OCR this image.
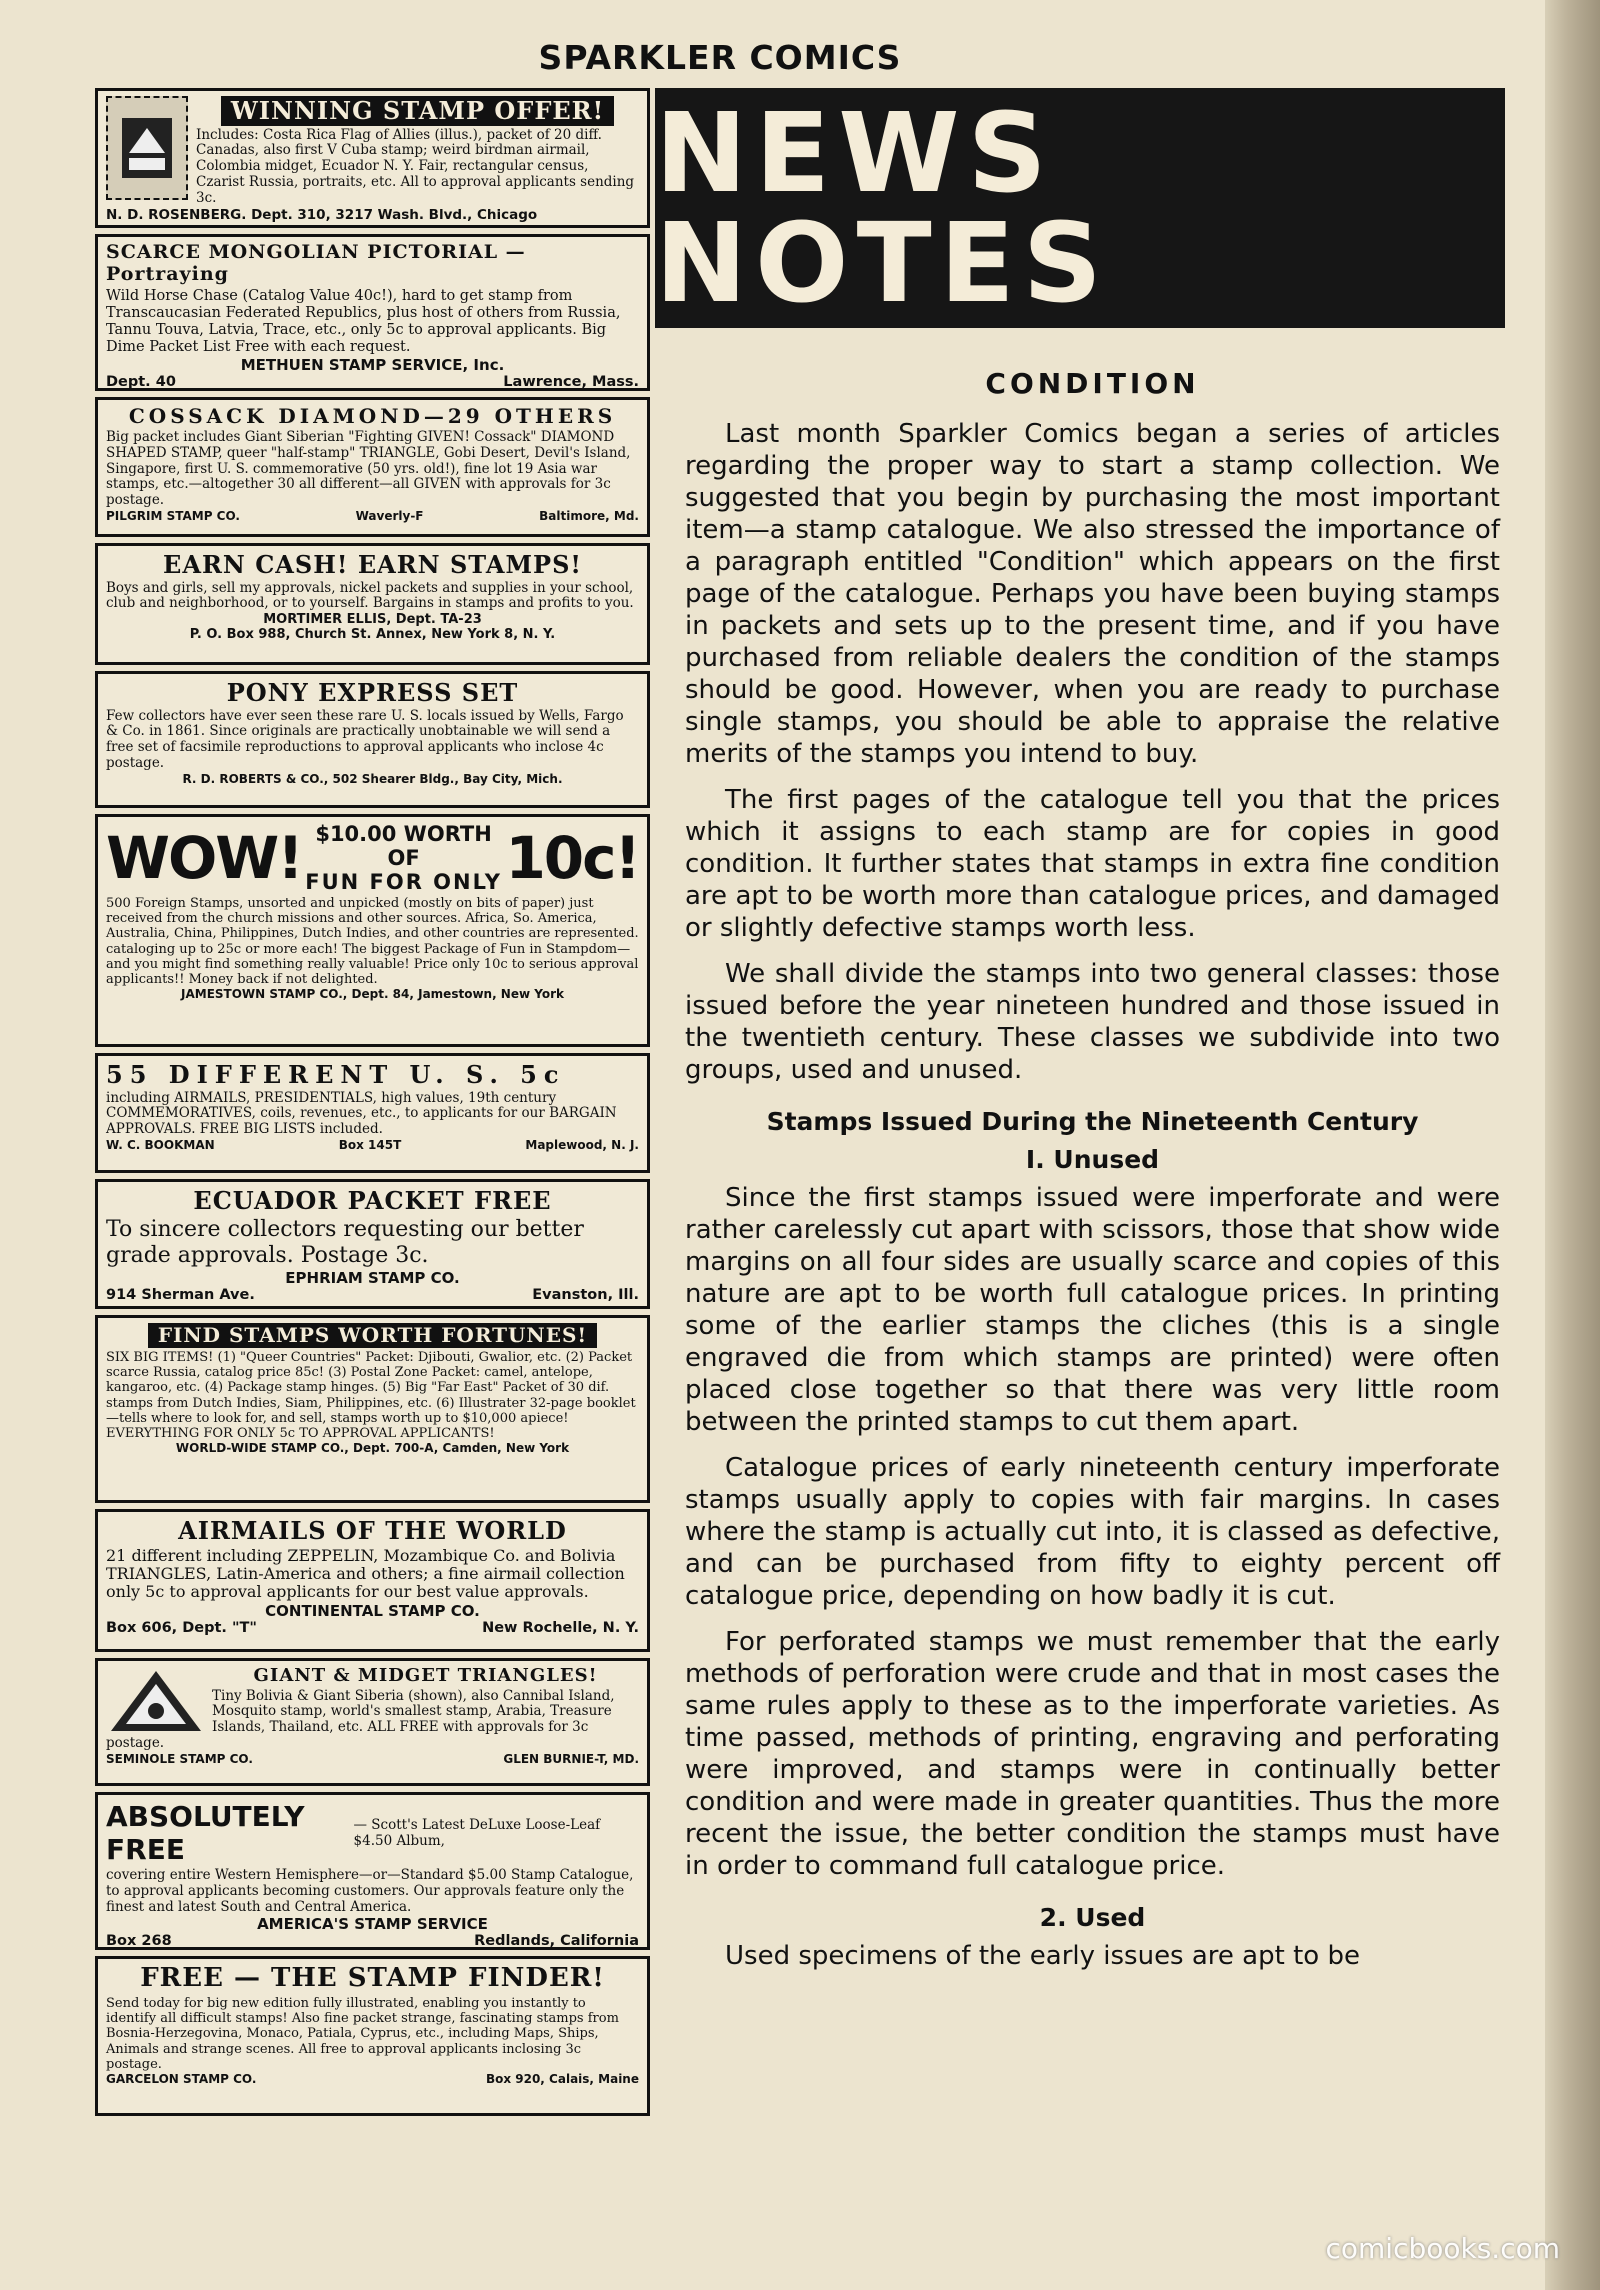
SPARKLER COMICS
WINNING STAMP OFFER!
Includes: Costa Rica Flag of Allies (illus.), packet of 20 diff. Canadas, also first V Cuba stamp; weird birdman airmail, Colombia midget, Ecuador N. Y. Fair, rectangular census, Czarist Russia, portraits, etc. All to approval applicants sending 3c.
N. D. ROSENBERG. Dept. 310, 3217 Wash. Blvd., Chicago
SCARCE MONGOLIAN PICTORIAL — Portraying
Wild Horse Chase (Catalog Value 40c!), hard to get stamp from Transcaucasian Federated Republics, plus host of others from Russia, Tannu Touva, Latvia, Trace, etc., only 5c to approval applicants. Big Dime Packet List Free with each request.
METHUEN STAMP SERVICE, Inc.
Dept. 40	Lawrence, Mass.
COSSACK DIAMOND—29 OTHERS
Big packet includes Giant Siberian "Fighting GIVEN! Cossack" DIAMOND SHAPED STAMP, queer "half-stamp" TRIANGLE, Gobi Desert, Devil's Island, Singapore, first U. S. commemorative (50 yrs. old!), fine lot 19 Asia war stamps, etc.—altogether 30 all different—all GIVEN with approvals for 3c postage.
PILGRIM STAMP CO.	Waverly-F	Baltimore, Md.
EARN CASH! EARN STAMPS!
Boys and girls, sell my approvals, nickel packets and supplies in your school, club and neighborhood, or to yourself. Bargains in stamps and profits to you.
MORTIMER ELLIS, Dept. TA-23
P. O. Box 988, Church St. Annex, New York 8, N. Y.
PONY EXPRESS SET
Few collectors have ever seen these rare U. S. locals issued by Wells, Fargo & Co. in 1861. Since originals are practically unobtainable we will send a free set of facsimile reproductions to approval applicants who inclose 4c postage.
R. D. ROBERTS & CO., 502 Shearer Bldg., Bay City, Mich.
WOW! $10.00 WORTH OF
FUN FOR ONLY 10c!
500 Foreign Stamps, unsorted and unpicked (mostly on bits of paper) just received from the church missions and other sources. Africa, So. America, Australia, China, Philippines, Dutch Indies, and other countries are represented. cataloging up to 25c or more each! The biggest Package of Fun in Stampdom—and you might find something really valuable! Price only 10c to serious approval applicants!! Money back if not delighted.
JAMESTOWN STAMP CO., Dept. 84, Jamestown, New York
55 DIFFERENT U. S. 5c
including AIRMAILS, PRESIDENTIALS, high values, 19th century COMMEMORATIVES, coils, revenues, etc., to applicants for our BARGAIN APPROVALS. FREE BIG LISTS included.
W. C. BOOKMAN	Box 145T	Maplewood, N. J.
ECUADOR PACKET FREE
To sincere collectors requesting our better grade approvals. Postage 3c.
EPHRIAM STAMP CO.
914 Sherman Ave.	Evanston, Ill.
FIND STAMPS WORTH FORTUNES!
SIX BIG ITEMS! (1) "Queer Countries" Packet: Djibouti, Gwalior, etc. (2) Packet scarce Russia, catalog price 85c! (3) Postal Zone Packet: camel, antelope, kangaroo, etc. (4) Package stamp hinges. (5) Big "Far East" Packet of 30 dif. stamps from Dutch Indies, Siam, Philippines, etc. (6) Illustrater 32-page booklet—tells where to look for, and sell, stamps worth up to $10,000 apiece! EVERYTHING FOR ONLY 5c TO APPROVAL APPLICANTS!
WORLD-WIDE STAMP CO., Dept. 700-A, Camden, New York
AIRMAILS OF THE WORLD
21 different including ZEPPELIN, Mozambique Co. and Bolivia TRIANGLES, Latin-America and others; a fine airmail collection only 5c to approval applicants for our best value approvals.
CONTINENTAL STAMP CO.
Box 606, Dept. "T"	New Rochelle, N. Y.
GIANT & MIDGET TRIANGLES!
Tiny Bolivia & Giant Siberia (shown), also Cannibal Island, Mosquito stamp, world's smallest stamp, Arabia, Treasure Islands, Thailand, etc. ALL FREE with approvals for 3c postage.
SEMINOLE STAMP CO.	GLEN BURNIE-T, MD.
ABSOLUTELY FREE
— Scott's Latest DeLuxe Loose-Leaf $4.50 Album,
covering entire Western Hemisphere—or—Standard $5.00 Stamp Catalogue, to approval applicants becoming customers. Our approvals feature only the finest and latest South and Central America.
AMERICA'S STAMP SERVICE
Box 268	Redlands, California
FREE — THE STAMP FINDER!
Send today for big new edition fully illustrated, enabling you instantly to identify all difficult stamps! Also fine packet strange, fascinating stamps from Bosnia-Herzegovina, Monaco, Patiala, Cyprus, etc., including Maps, Ships, Animals and strange scenes. All free to approval applicants inclosing 3c postage.
GARCELON STAMP CO.	Box 920, Calais, Maine
NEWS NOTES
CONDITION

Last month Sparkler Comics began a series of articles regarding the proper way to start a stamp collection. We suggested that you begin by purchasing the most important item—a stamp catalogue. We also stressed the importance of a paragraph entitled "Condition" which appears on the first page of the catalogue. Perhaps you have been buying stamps in packets and sets up to the present time, and if you have purchased from reliable dealers the condition of the stamps should be good. However, when you are ready to purchase single stamps, you should be able to appraise the relative merits of the stamps you intend to buy.

The first pages of the catalogue tell you that the prices which it assigns to each stamp are for copies in good condition. It further states that stamps in extra fine condition are apt to be worth more than catalogue prices, and damaged or slightly defective stamps worth less.

We shall divide the stamps into two general classes: those issued before the year nineteen hundred and those issued in the twentieth century. These classes we subdivide into two groups, used and unused.

Stamps Issued During the Nineteenth Century
I. Unused

Since the first stamps issued were imperforate and were rather carelessly cut apart with scissors, those that show wide margins on all four sides are usually scarce and copies of this nature are apt to be worth full catalogue prices. In printing some of the earlier stamps the cliches (this is a single engraved die from which stamps are printed) were often placed close together so that there was very little room between the printed stamps to cut them apart.

Catalogue prices of early nineteenth century imperforate stamps usually apply to copies with fair margins. In cases where the stamp is actually cut into, it is classed as defective, and can be purchased from fifty to eighty percent off catalogue price, depending on how badly it is cut.

For perforated stamps we must remember that the early methods of perforation were crude and that in most cases the same rules apply to these as to the imperforate varieties. As time passed, methods of printing, engraving and perforating were improved, and stamps were in continually better condition and were made in greater quantities. Thus the more recent the issue, the better condition the stamps must have in order to command full catalogue price.

2. Used

Used specimens of the early issues are apt to be

comicbooks.com
